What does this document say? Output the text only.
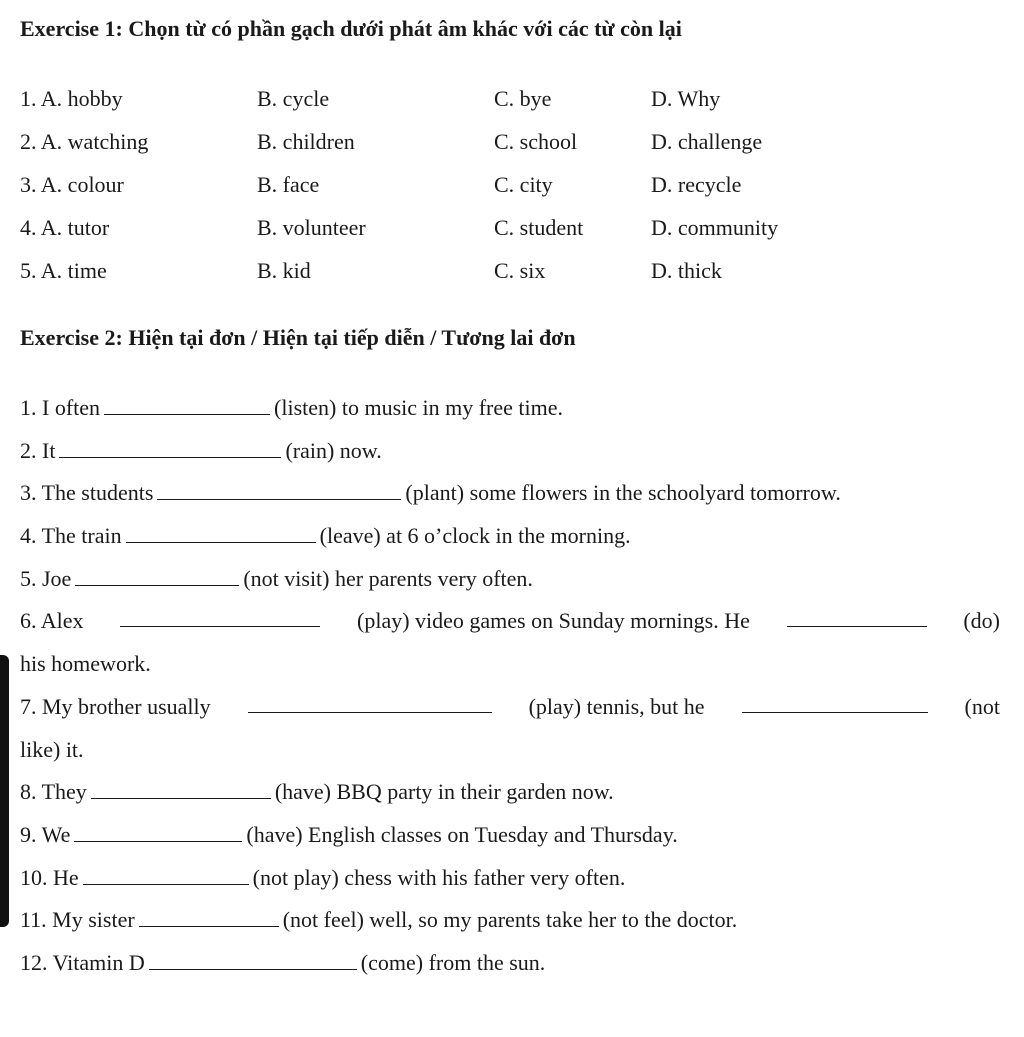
Exercise 1: Chọn từ có phần gạch dưới phát âm khác với các từ còn lại
1. A. hobby	B. cycle	C. bye	D. Why
2. A. watching	B. children	C. school	D. challenge
3. A. colour	B. face	C. city	D. recycle
4. A. tutor	B. volunteer	C. student	D. community
5. A. time	B. kid	C. six	D. thick
Exercise 2: Hiện tại đơn / Hiện tại tiếp diễn / Tương lai đơn
1. I often	(listen) to music in my free time.
2. It	(rain) now.
3. The students	(plant) some flowers in the schoolyard tomorrow.
4. The train	(leave) at 6 o’clock in the morning.
5. Joe	(not visit) her parents very often.
6. Alex	(play) video games on Sunday mornings. He	(do)
his homework.
7. My brother usually	(play) tennis, but he	(not
like) it.
8. They	(have) BBQ party in their garden now.
9. We	(have) English classes on Tuesday and Thursday.
10. He	(not play) chess with his father very often.
11. My sister	(not feel) well, so my parents take her to the doctor.
12. Vitamin D	(come) from the sun.
